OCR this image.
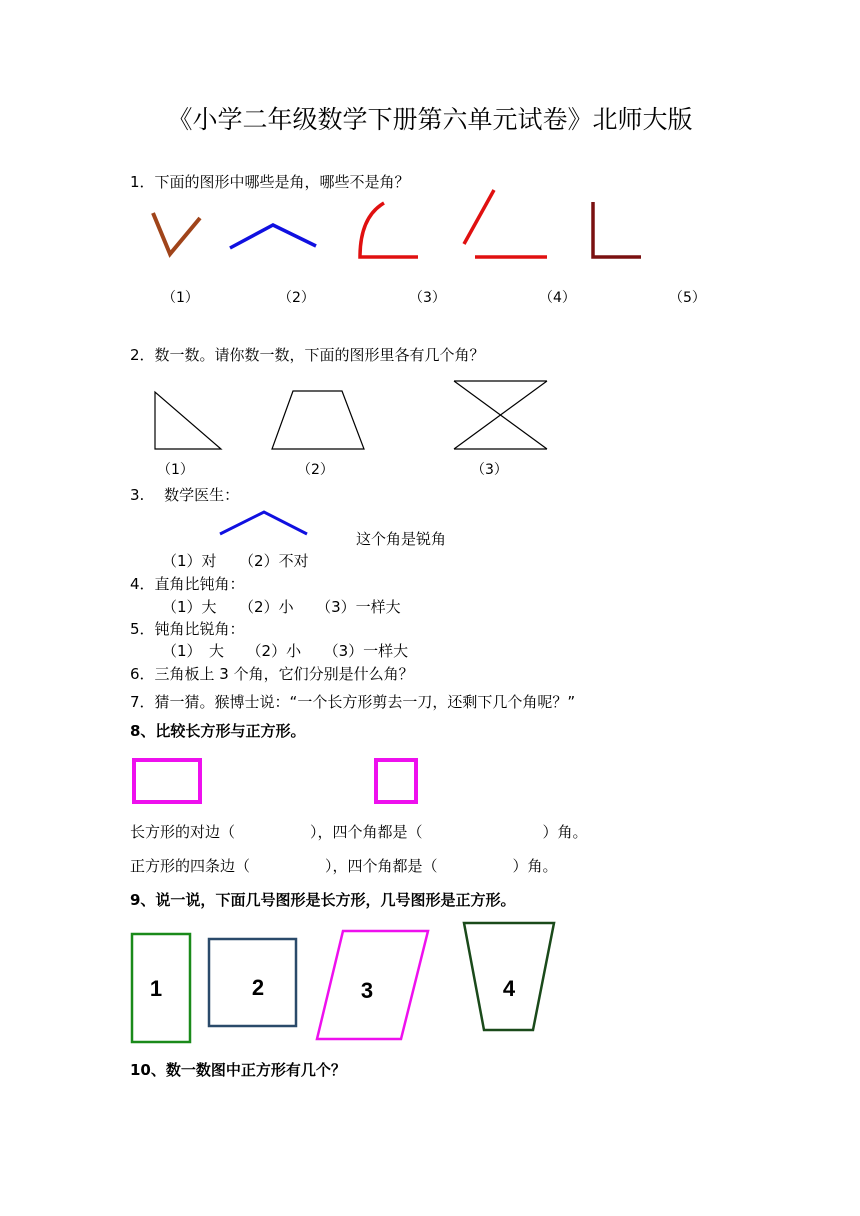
《小学二年级数学下册第六单元试卷》北师大版
1．下面的图形中哪些是角，哪些不是角？
（1）	（2）	（3）	（4）	（5）
2．数一数。请你数一数，下面的图形里各有几个角？
（1）	（2）	（3）
3.　 数学医生：
这个角是锐角
（1）对　　（2）不对
4．直角比钝角：
（1）大　　（2）小　　（3）一样大
5．钝角比锐角：
（1）　大　　（2）小　　（3）一样大
6．三角板上 3 个角，它们分别是什么角？
7．猜一猜。猴博士说：“一个长方形剪去一刀，还剩下几个角呢？”
8、比较长方形与正方形。
长方形的对边（　　　　　），四个角都是（　　　　　　　　）角。
正方形的四条边（　　　　　），四个角都是（　　　　　）角。
9、说一说，下面几号图形是长方形，几号图形是正方形。
1	2	3	4
10、数一数图中正方形有几个？
